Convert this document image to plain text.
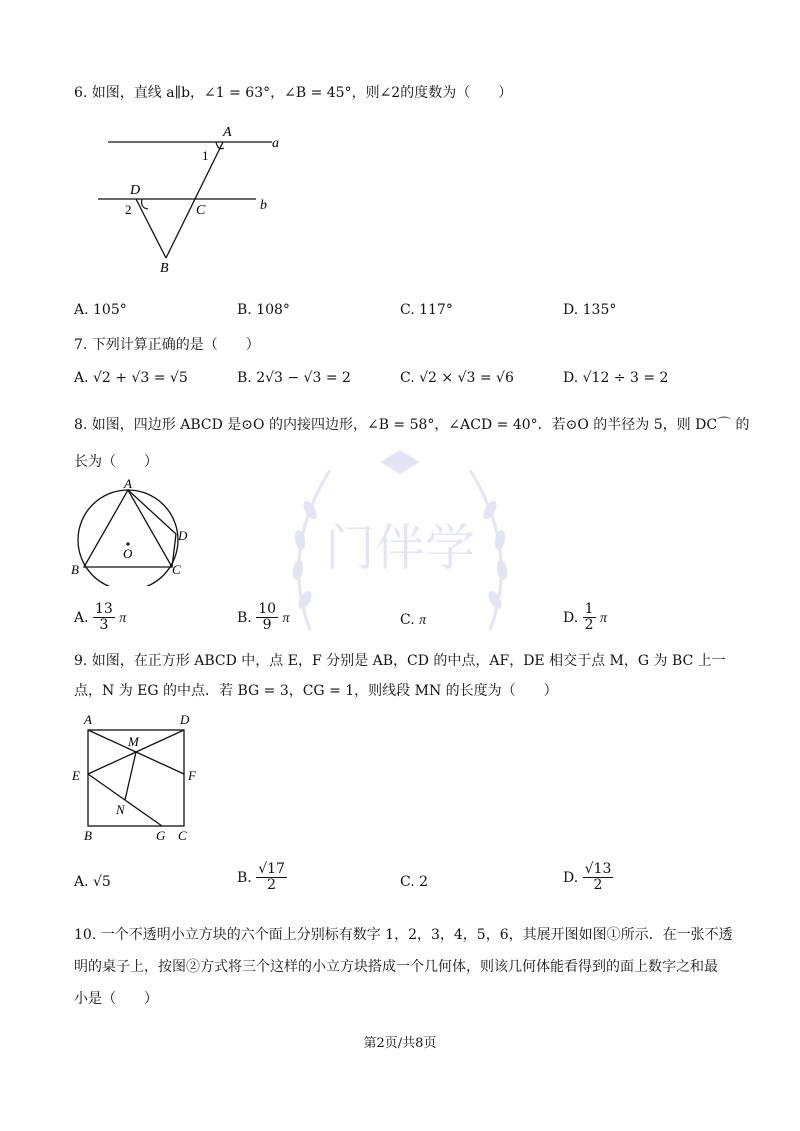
门伴学
6. 如图，直线 a∥b，∠1 = 63°，∠B = 45°，则∠2的度数为（　　）
A
a
1
D
C	b
2
B
A. 105°	B. 108°	C. 117°	D. 135°
7. 下列计算正确的是（　　）
A. √2 + √3 = √5	B. 2√3 − √3 = 2	C. √2 × √3 = √6	D. √12 ÷ 3 = 2
8. 如图，四边形 ABCD 是⊙O 的内接四边形，∠B = 58°，∠ACD = 40°．若⊙O 的半径为 5，则 DC⌒ 的
长为（　　）
A
D
O
B	C
A. $\frac{13}{3}$ π	B. $\frac{10}{9}$ π	C. π	D. $\frac{1}{2}$ π
9. 如图，在正方形 ABCD 中，点 E，F 分别是 AB，CD 的中点，AF，DE 相交于点 M，G 为 BC 上一
点，N 为 EG 的中点．若 BG = 3，CG = 1，则线段 MN 的长度为（　　）
A	D
M
E	F
N
B	G C
A. √5	B. $\frac{√17}{2}$	C. 2	D. $\frac{√13}{2}$
10. 一个不透明小立方块的六个面上分别标有数字 1，2，3，4，5，6，其展开图如图①所示．在一张不透
明的桌子上，按图②方式将三个这样的小立方块搭成一个几何体，则该几何体能看得到的面上数字之和最
小是（　　）
第2页/共8页
